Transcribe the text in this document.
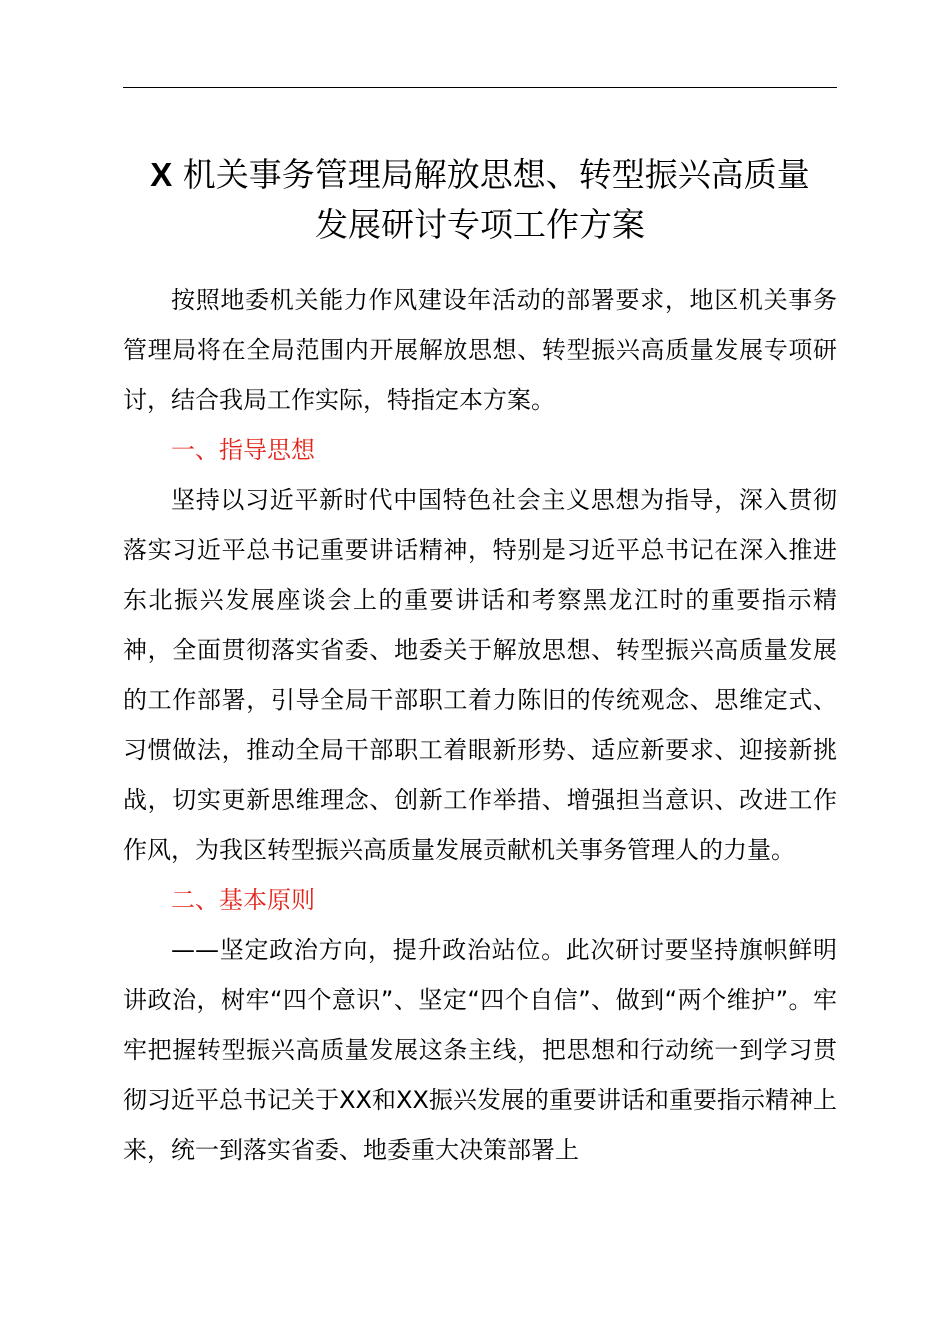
X 机关事务管理局解放思想、转型振兴高质量
发展研讨专项工作方案

按照地委机关能力作风建设年活动的部署要求，地区机关事务管理局将在全局范围内开展解放思想、转型振兴高质量发展专项研讨，结合我局工作实际，特指定本方案。

一、指导思想

坚持以习近平新时代中国特色社会主义思想为指导，深入贯彻落实习近平总书记重要讲话精神，特别是习近平总书记在深入推进东北振兴发展座谈会上的重要讲话和考察黑龙江时的重要指示精神，全面贯彻落实省委、地委关于解放思想、转型振兴高质量发展的工作部署，引导全局干部职工着力陈旧的传统观念、思维定式、习惯做法，推动全局干部职工着眼新形势、适应新要求、迎接新挑战，切实更新思维理念、创新工作举措、增强担当意识、改进工作作风，为我区转型振兴高质量发展贡献机关事务管理人的力量。

二、基本原则

——坚定政治方向，提升政治站位。此次研讨要坚持旗帜鲜明讲政治，树牢“四个意识”、坚定“四个自信”、做到“两个维护”。牢牢把握转型振兴高质量发展这条主线，把思想和行动统一到学习贯彻习近平总书记关于XX和XX振兴发展的重要讲话和重要指示精神上来，统一到落实省委、地委重大决策部署上
